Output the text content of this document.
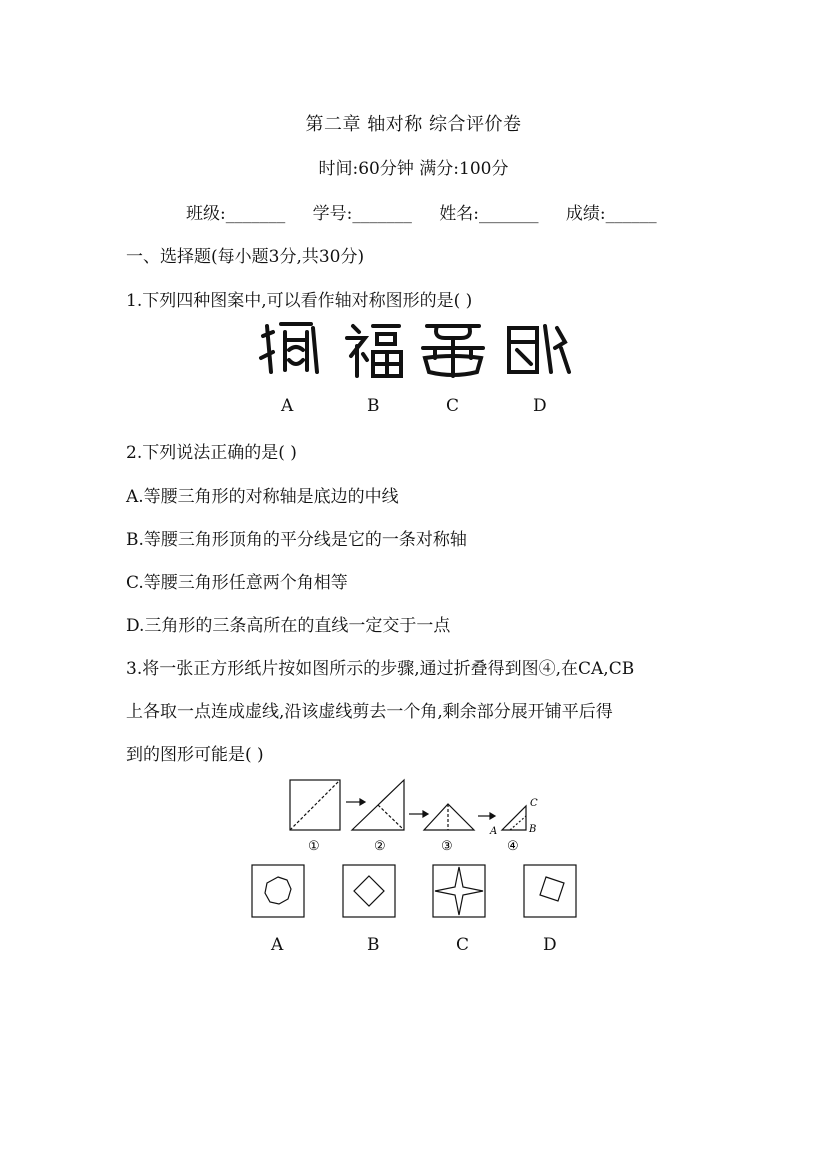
第二章 轴对称 综合评价卷
时间:60分钟 满分:100分
班级:_______ 学号:_______ 姓名:_______ 成绩:______
一、选择题(每小题3分,共30分)
1.下列四种图案中,可以看作轴对称图形的是( )
A	B	C	D
2.下列说法正确的是( )
A.等腰三角形的对称轴是底边的中线
B.等腰三角形顶角的平分线是它的一条对称轴
C.等腰三角形任意两个角相等
D.三角形的三条高所在的直线一定交于一点
3.将一张正方形纸片按如图所示的步骤,通过折叠得到图④,在CA,CB
上各取一点连成虚线,沿该虚线剪去一个角,剩余部分展开铺平后得
到的图形可能是( )
C
A	B
①	②	③	④
A	B	C	D
